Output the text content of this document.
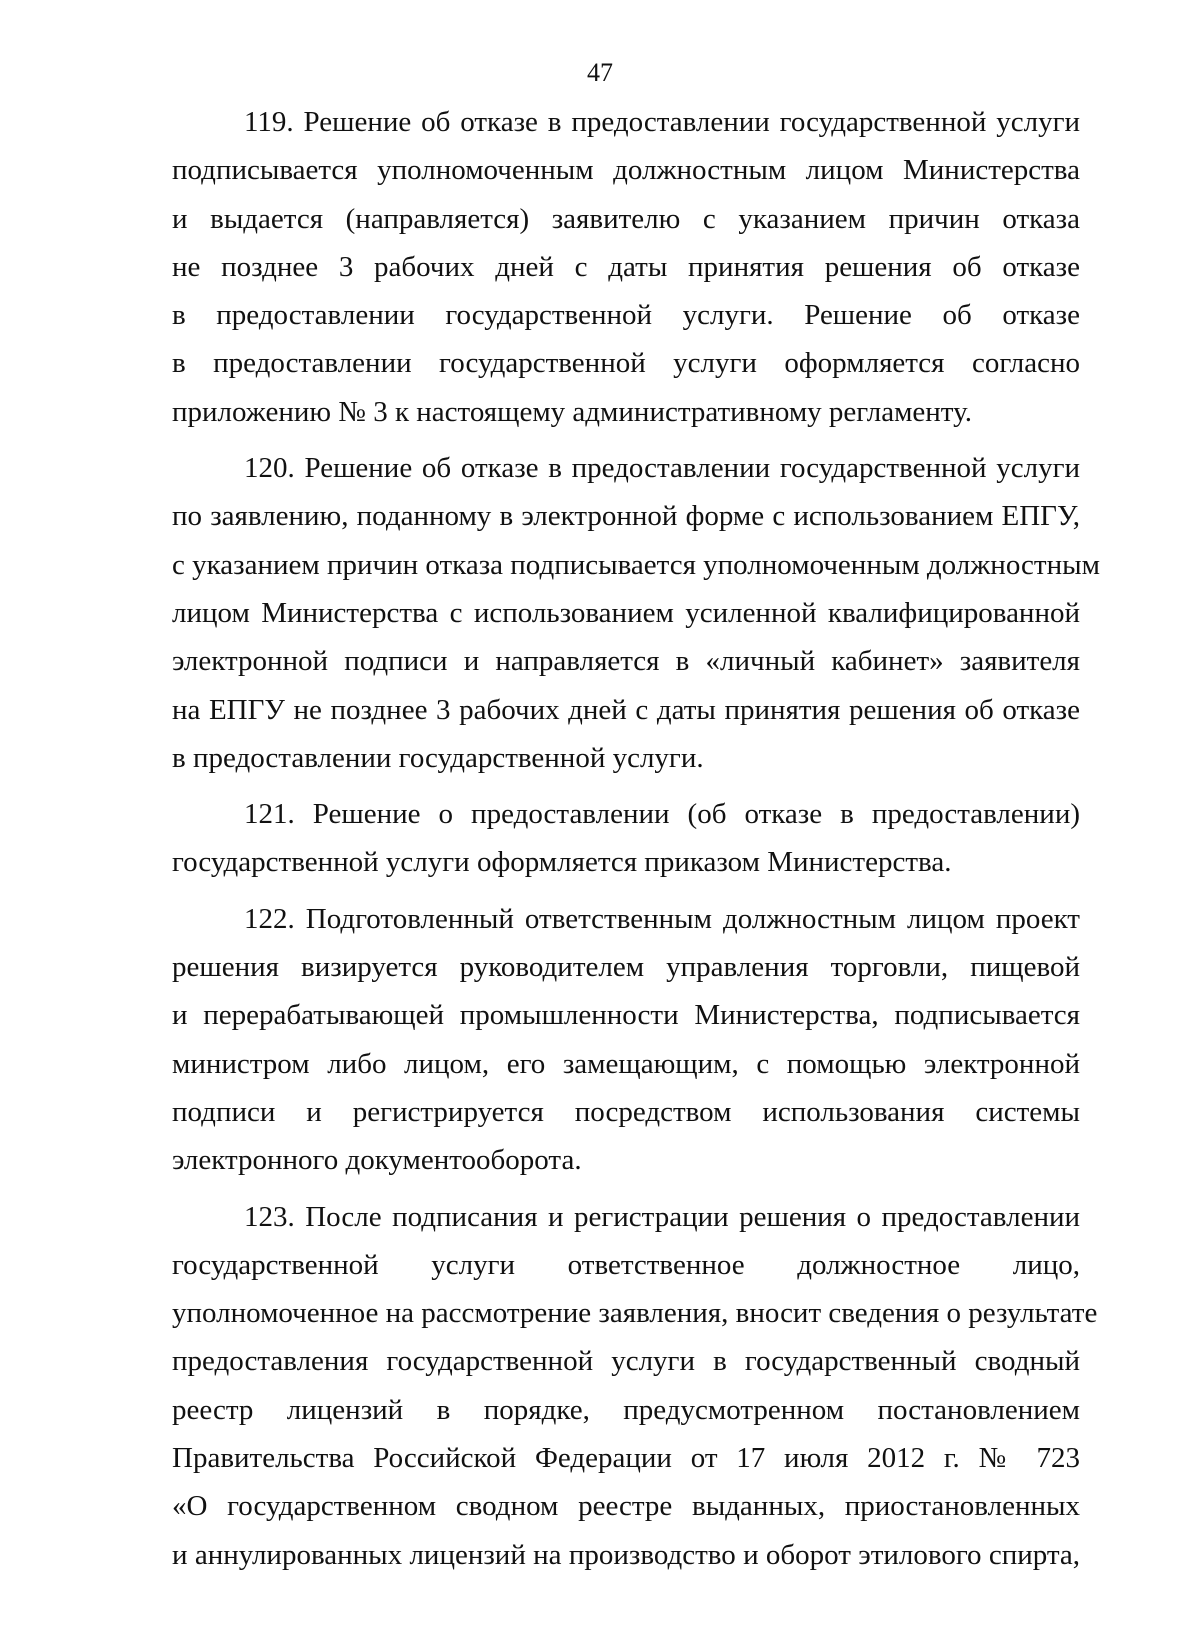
47
119. Решение об отказе в предоставлении государственной услуги
подписывается уполномоченным должностным лицом Министерства
и выдается (направляется) заявителю с указанием причин отказа
не позднее 3 рабочих дней с даты принятия решения об отказе
в предоставлении государственной услуги. Решение об отказе
в предоставлении государственной услуги оформляется согласно
приложению № 3 к настоящему административному регламенту.
120. Решение об отказе в предоставлении государственной услуги
по заявлению, поданному в электронной форме с использованием ЕПГУ,
с указанием причин отказа подписывается уполномоченным должностным
лицом Министерства с использованием усиленной квалифицированной
электронной подписи и направляется в «личный кабинет» заявителя
на ЕПГУ не позднее 3 рабочих дней с даты принятия решения об отказе
в предоставлении государственной услуги.
121. Решение о предоставлении (об отказе в предоставлении)
государственной услуги оформляется приказом Министерства.
122. Подготовленный ответственным должностным лицом проект
решения визируется руководителем управления торговли, пищевой
и перерабатывающей промышленности Министерства, подписывается
министром либо лицом, его замещающим, с помощью электронной
подписи и регистрируется посредством использования системы
электронного документооборота.
123. После подписания и регистрации решения о предоставлении
государственной услуги ответственное должностное лицо,
уполномоченное на рассмотрение заявления, вносит сведения о результате
предоставления государственной услуги в государственный сводный
реестр лицензий в порядке, предусмотренном постановлением
Правительства Российской Федерации от 17 июля 2012 г. № 723
«О государственном сводном реестре выданных, приостановленных
и аннулированных лицензий на производство и оборот этилового спирта,
